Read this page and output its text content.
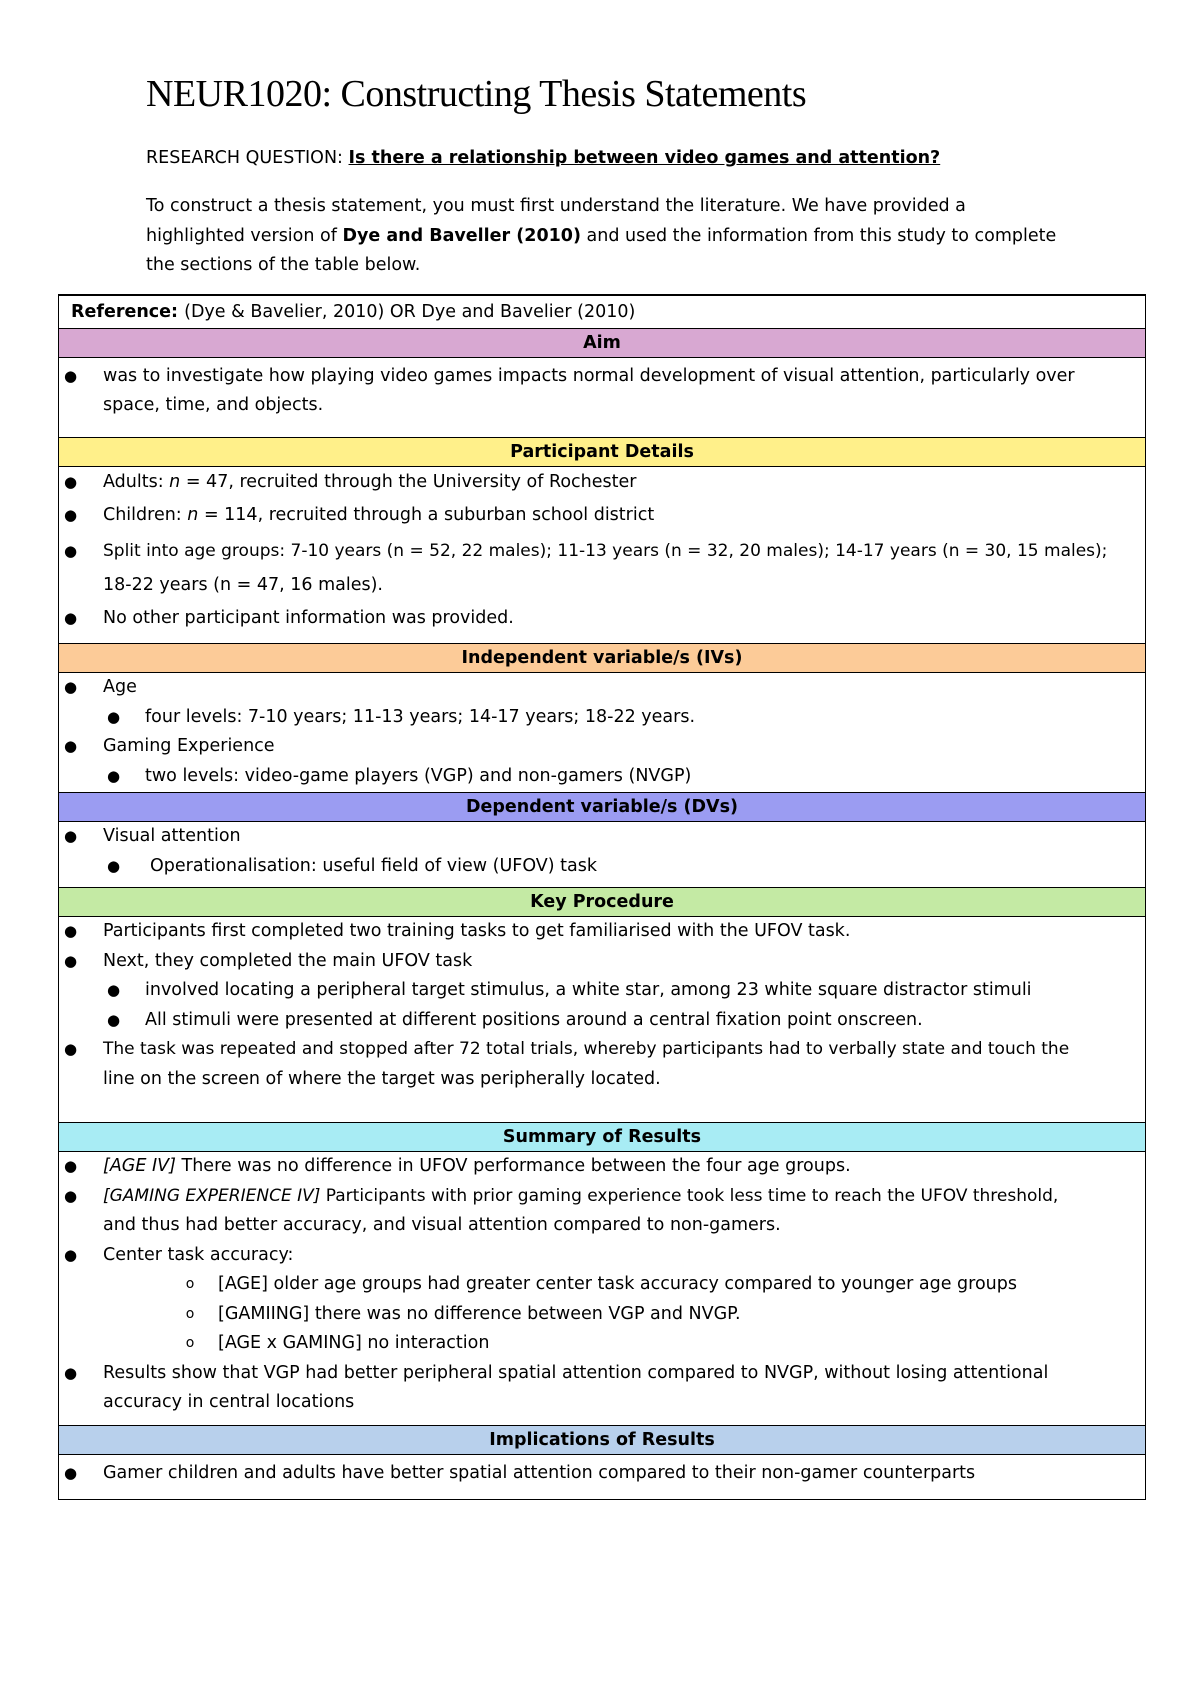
NEUR1020: Constructing Thesis Statements
RESEARCH QUESTION: Is there a relationship between video games and attention?
To construct a thesis statement, you must first understand the literature. We have provided a
highlighted version of Dye and Baveller (2010) and used the information from this study to complete
the sections of the table below.
Reference: (Dye & Bavelier, 2010) OR Dye and Bavelier (2010)
Aim
● was to investigate how playing video games impacts normal development of visual attention, particularly over
space, time, and objects.
Participant Details
● Adults: n = 47, recruited through the University of Rochester
● Children: n = 114, recruited through a suburban school district
● Split into age groups: 7-10 years (n = 52, 22 males); 11-13 years (n = 32, 20 males); 14-17 years (n = 30, 15 males);
18-22 years (n = 47, 16 males).
● No other participant information was provided.
Independent variable/s (IVs)
● Age
● four levels: 7-10 years; 11-13 years; 14-17 years; 18-22 years.
● Gaming Experience
● two levels: video-game players (VGP) and non-gamers (NVGP)
Dependent variable/s (DVs)
● Visual attention
● Operationalisation: useful field of view (UFOV) task
Key Procedure
● Participants first completed two training tasks to get familiarised with the UFOV task.
● Next, they completed the main UFOV task
● involved locating a peripheral target stimulus, a white star, among 23 white square distractor stimuli
● All stimuli were presented at different positions around a central fixation point onscreen.
● The task was repeated and stopped after 72 total trials, whereby participants had to verbally state and touch the
line on the screen of where the target was peripherally located.
Summary of Results
● [AGE IV] There was no difference in UFOV performance between the four age groups.
● [GAMING EXPERIENCE IV] Participants with prior gaming experience took less time to reach the UFOV threshold,
and thus had better accuracy, and visual attention compared to non-gamers.
● Center task accuracy:
o [AGE] older age groups had greater center task accuracy compared to younger age groups
o [GAMIING] there was no difference between VGP and NVGP.
o [AGE x GAMING] no interaction
● Results show that VGP had better peripheral spatial attention compared to NVGP, without losing attentional
accuracy in central locations
Implications of Results
● Gamer children and adults have better spatial attention compared to their non-gamer counterparts
